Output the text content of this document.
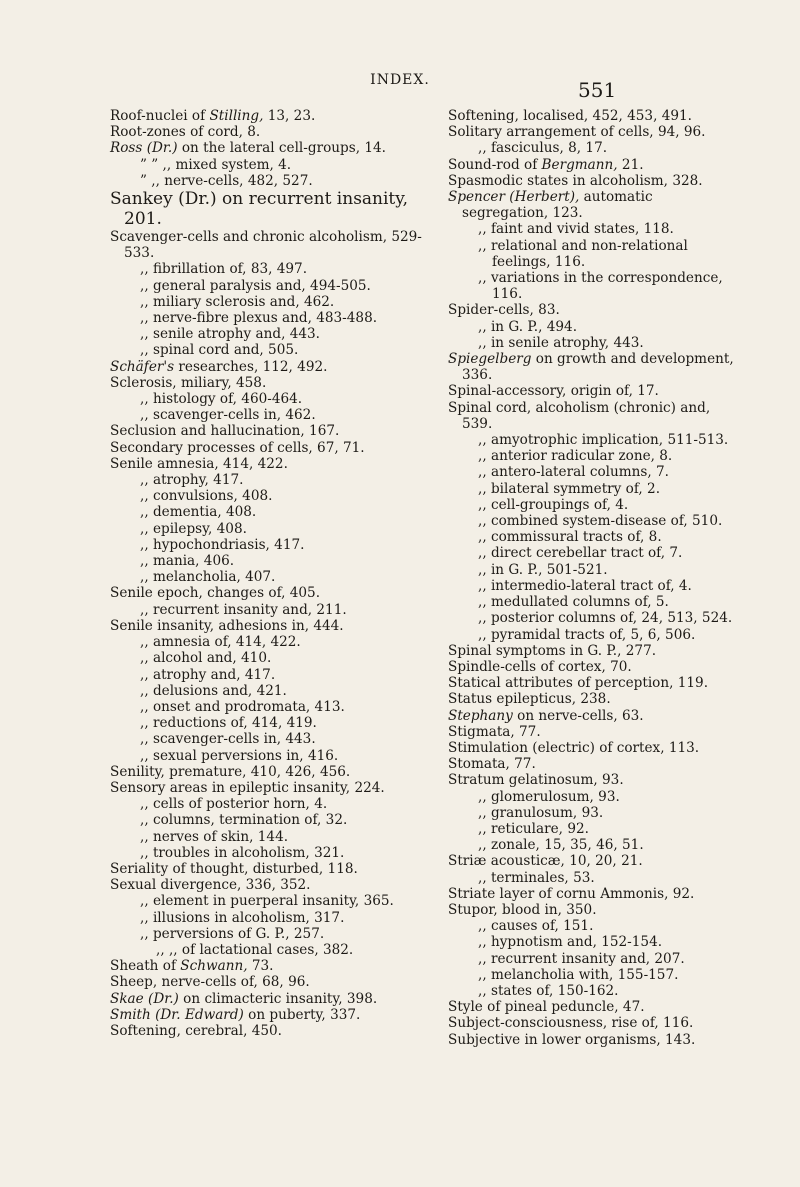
INDEX.	551
Roof-nuclei of Stilling, 13, 23.
Root-zones of cord, 8.
Ross (Dr.) on the lateral cell-groups, 14.
” ” ,, mixed system, 4.
” ,, nerve-cells, 482, 527.
Sankey (Dr.) on recurrent insanity, 201.
Scavenger-cells and chronic alcoholism, 529-533.
,, fibrillation of, 83, 497.
,, general paralysis and, 494-505.
,, miliary sclerosis and, 462.
,, nerve-fibre plexus and, 483-488.
,, senile atrophy and, 443.
,, spinal cord and, 505.
Schäfer's researches, 112, 492.
Sclerosis, miliary, 458.
,, histology of, 460-464.
,, scavenger-cells in, 462.
Seclusion and hallucination, 167.
Secondary processes of cells, 67, 71.
Senile amnesia, 414, 422.
,, atrophy, 417.
,, convulsions, 408.
,, dementia, 408.
,, epilepsy, 408.
,, hypochondriasis, 417.
,, mania, 406.
,, melancholia, 407.
Senile epoch, changes of, 405.
,, recurrent insanity and, 211.
Senile insanity, adhesions in, 444.
,, amnesia of, 414, 422.
,, alcohol and, 410.
,, atrophy and, 417.
,, delusions and, 421.
,, onset and prodromata, 413.
,, reductions of, 414, 419.
,, scavenger-cells in, 443.
,, sexual perversions in, 416.
Senility, premature, 410, 426, 456.
Sensory areas in epileptic insanity, 224.
,, cells of posterior horn, 4.
,, columns, termination of, 32.
,, nerves of skin, 144.
,, troubles in alcoholism, 321.
Seriality of thought, disturbed, 118.
Sexual divergence, 336, 352.
,, element in puerperal insanity, 365.
,, illusions in alcoholism, 317.
,, perversions of G. P., 257.
,, ,, of lactational cases, 382.
Sheath of Schwann, 73.
Sheep, nerve-cells of, 68, 96.
Skae (Dr.) on climacteric insanity, 398.
Smith (Dr. Edward) on puberty, 337.
Softening, cerebral, 450.
Softening, localised, 452, 453, 491.
Solitary arrangement of cells, 94, 96.
,, fasciculus, 8, 17.
Sound-rod of Bergmann, 21.
Spasmodic states in alcoholism, 328.
Spencer (Herbert), automatic segregation, 123.
,, faint and vivid states, 118.
,, relational and non-relational feelings, 116.
,, variations in the correspondence, 116.
Spider-cells, 83.
,, in G. P., 494.
,, in senile atrophy, 443.
Spiegelberg on growth and development, 336.
Spinal-accessory, origin of, 17.
Spinal cord, alcoholism (chronic) and, 539.
,, amyotrophic implication, 511-513.
,, anterior radicular zone, 8.
,, antero-lateral columns, 7.
,, bilateral symmetry of, 2.
,, cell-groupings of, 4.
,, combined system-disease of, 510.
,, commissural tracts of, 8.
,, direct cerebellar tract of, 7.
,, in G. P., 501-521.
,, intermedio-lateral tract of, 4.
,, medullated columns of, 5.
,, posterior columns of, 24, 513, 524.
,, pyramidal tracts of, 5, 6, 506.
Spinal symptoms in G. P., 277.
Spindle-cells of cortex, 70.
Statical attributes of perception, 119.
Status epilepticus, 238.
Stephany on nerve-cells, 63.
Stigmata, 77.
Stimulation (electric) of cortex, 113.
Stomata, 77.
Stratum gelatinosum, 93.
,, glomerulosum, 93.
,, granulosum, 93.
,, reticulare, 92.
,, zonale, 15, 35, 46, 51.
Striæ acousticæ, 10, 20, 21.
,, terminales, 53.
Striate layer of cornu Ammonis, 92.
Stupor, blood in, 350.
,, causes of, 151.
,, hypnotism and, 152-154.
,, recurrent insanity and, 207.
,, melancholia with, 155-157.
,, states of, 150-162.
Style of pineal peduncle, 47.
Subject-consciousness, rise of, 116.
Subjective in lower organisms, 143.
